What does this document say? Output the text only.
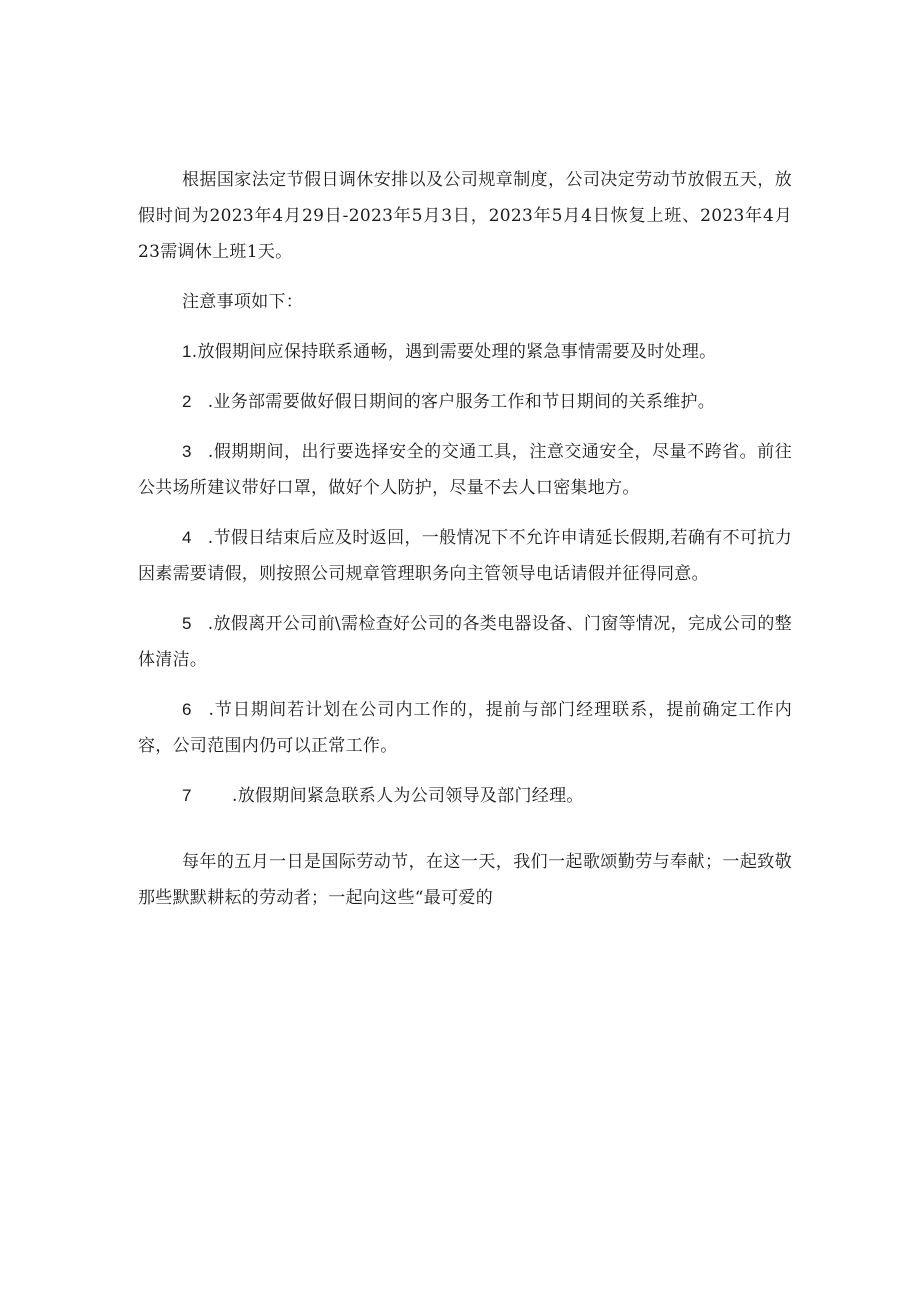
根据国家法定节假日调休安排以及公司规章制度，公司决定劳动节放假五天，放假时间为2023年4月29日-2023年5月3日，2023年5月4日恢复上班、2023年4月23需调休上班1天。

注意事项如下：

1.放假期间应保持联系通畅，遇到需要处理的紧急事情需要及时处理。

2 .业务部需要做好假日期间的客户服务工作和节日期间的关系维护。

3 .假期期间，出行要选择安全的交通工具，注意交通安全，尽量不跨省。前往公共场所建议带好口罩，做好个人防护，尽量不去人口密集地方。

4 .节假日结束后应及时返回，一般情况下不允许申请延长假期,若确有不可抗力因素需要请假，则按照公司规章管理职务向主管领导电话请假并征得同意。

5 .放假离开公司前\需检查好公司的各类电器设备、门窗等情况，完成公司的整体清洁。

6 .节日期间若计划在公司内工作的，提前与部门经理联系，提前确定工作内容，公司范围内仍可以正常工作。

7 .放假期间紧急联系人为公司领导及部门经理。

每年的五月一日是国际劳动节，在这一天，我们一起歌颂勤劳与奉献；一起致敬那些默默耕耘的劳动者；一起向这些“最可爱的
